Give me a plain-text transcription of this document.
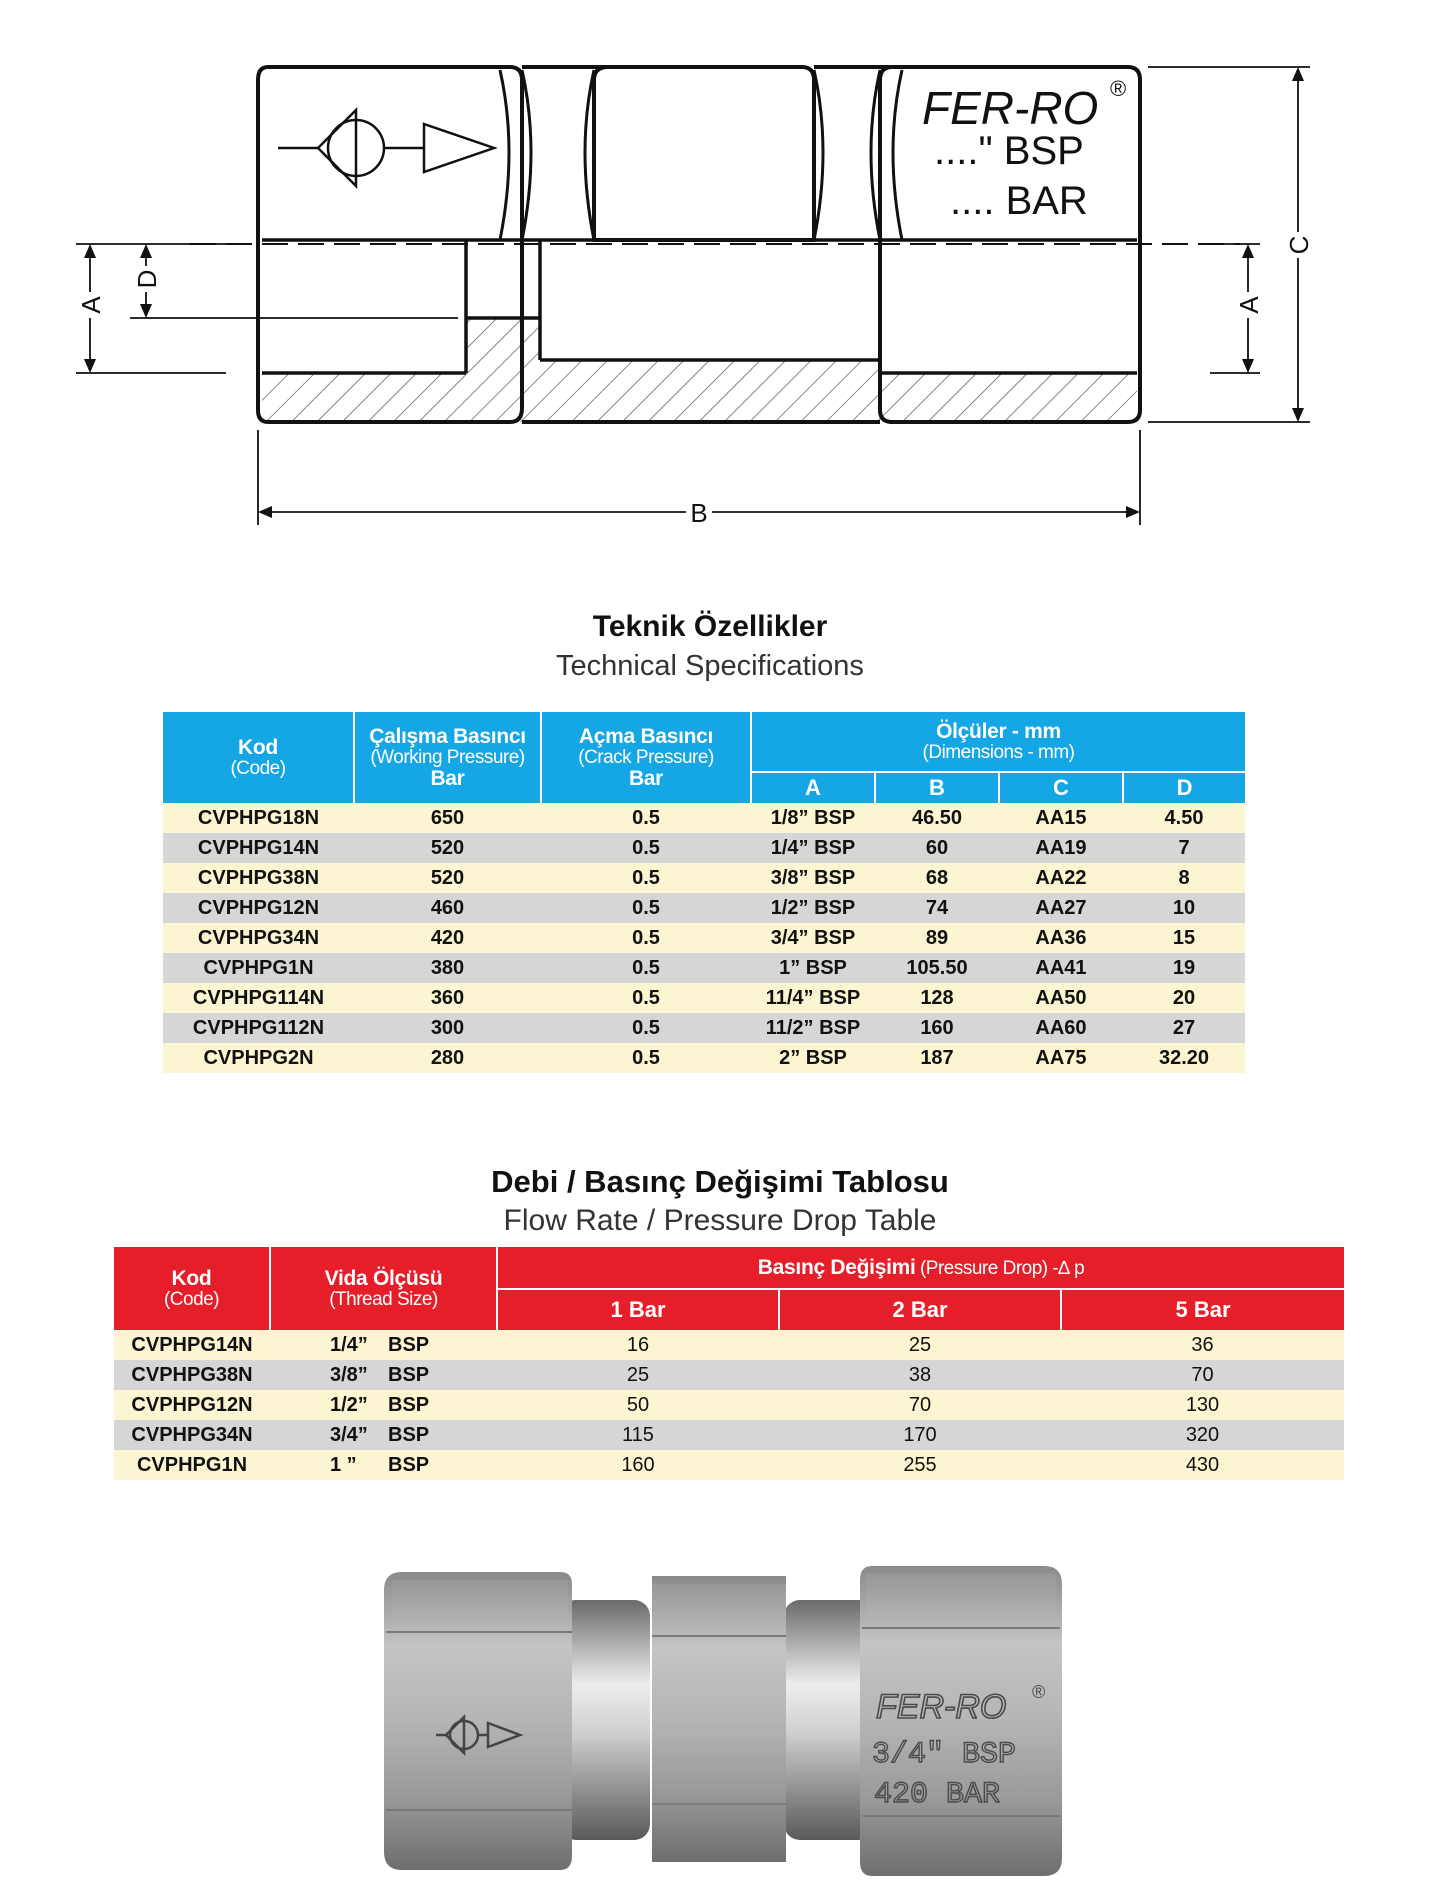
A
D
A
C
B
FER-RO ®
...." BSP
.... BAR
Teknik Özellikler
Technical Specifications
Kod
(Code)	Çalışma Basıncı
(Working Pressure)
Bar	Açma Basıncı
(Crack Pressure)
Bar	Ölçüler - mm
(Dimensions - mm)			

			A	B	C	D
CVPHPG18N	650	0.5	1/8” BSP	46.50	AA15	4.50
CVPHPG14N	520	0.5	1/4” BSP	60	AA19	7
CVPHPG38N	520	0.5	3/8” BSP	68	AA22	8
CVPHPG12N	460	0.5	1/2” BSP	74	AA27	10
CVPHPG34N	420	0.5	3/4” BSP	89	AA36	15
CVPHPG1N	380	0.5	1” BSP	105.50	AA41	19
CVPHPG114N	360	0.5	11/4” BSP	128	AA50	20
CVPHPG112N	300	0.5	11/2” BSP	160	AA60	27
CVPHPG2N	280	0.5	2” BSP	187	AA75	32.20
Debi / Basınç Değişimi Tablosu
Flow Rate / Pressure Drop Table
Kod
(Code)	Vida Ölçüsü
(Thread Size)	Basınç Değişimi (Pressure Drop) -∆ p		
		1 Bar	2 Bar	5 Bar
CVPHPG14N	1/4” BSP	16	25	36
CVPHPG38N	3/8” BSP	25	38	70
CVPHPG12N	1/2” BSP	50	70	130
CVPHPG34N	3/4” BSP	115	170	320
CVPHPG1N	1 ” BSP	160	255	430
FER-RO ®
3/4" BSP
420 BAR
